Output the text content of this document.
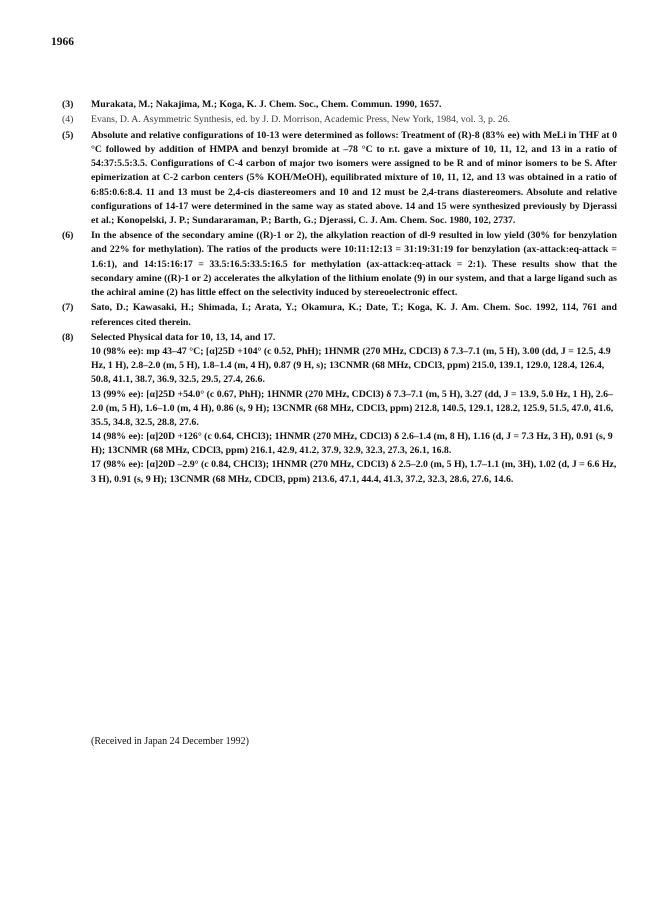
1966
(3)	Murakata, M.; Nakajima, M.; Koga, K. J. Chem. Soc., Chem. Commun. 1990, 1657.
(4)	Evans, D. A. Asymmetric Synthesis, ed. by J. D. Morrison, Academic Press, New York, 1984, vol. 3, p. 26.
(5)	Absolute and relative configurations of 10-13 were determined as follows: Treatment of (R)-8 (83% ee) with MeLi in THF at 0 °C followed by addition of HMPA and benzyl bromide at –78 °C to r.t. gave a mixture of 10, 11, 12, and 13 in a ratio of 54:37:5.5:3.5. Configurations of C-4 carbon of major two isomers were assigned to be R and of minor isomers to be S. After epimerization at C-2 carbon centers (5% KOH/MeOH), equilibrated mixture of 10, 11, 12, and 13 was obtained in a ratio of 6:85:0.6:8.4. 11 and 13 must be 2,4-cis diastereomers and 10 and 12 must be 2,4-trans diastereomers. Absolute and relative configurations of 14-17 were determined in the same way as stated above. 14 and 15 were synthesized previously by Djerassi et al.; Konopelski, J. P.; Sundararaman, P.; Barth, G.; Djerassi, C. J. Am. Chem. Soc. 1980, 102, 2737.
(6)	In the absence of the secondary amine ((R)-1 or 2), the alkylation reaction of dl-9 resulted in low yield (30% for benzylation and 22% for methylation). The ratios of the products were 10:11:12:13 = 31:19:31:19 for benzylation (ax-attack:eq-attack = 1.6:1), and 14:15:16:17 = 33.5:16.5:33.5:16.5 for methylation (ax-attack:eq-attack = 2:1). These results show that the secondary amine ((R)-1 or 2) accelerates the alkylation of the lithium enolate (9) in our system, and that a large ligand such as the achiral amine (2) has little effect on the selectivity induced by stereoelectronic effect.
(7)	Sato, D.; Kawasaki, H.; Shimada, I.; Arata, Y.; Okamura, K.; Date, T.; Koga, K. J. Am. Chem. Soc. 1992, 114, 761 and references cited therein.
(8)	Selected Physical data for 10, 13, 14, and 17.
10 (98% ee): mp 43–47 °C; [α]25D +104° (c 0.52, PhH); 1HNMR (270 MHz, CDCl3) δ 7.3–7.1 (m, 5 H), 3.00 (dd, J = 12.5, 4.9 Hz, 1 H), 2.8–2.0 (m, 5 H), 1.8–1.4 (m, 4 H), 0.87 (9 H, s); 13CNMR (68 MHz, CDCl3, ppm) 215.0, 139.1, 129.0, 128.4, 126.4, 50.8, 41.1, 38.7, 36.9, 32.5, 29.5, 27.4, 26.6.
13 (99% ee): [α]25D +54.0° (c 0.67, PhH); 1HNMR (270 MHz, CDCl3) δ 7.3–7.1 (m, 5 H), 3.27 (dd, J = 13.9, 5.0 Hz, 1 H), 2.6–2.0 (m, 5 H), 1.6–1.0 (m, 4 H), 0.86 (s, 9 H); 13CNMR (68 MHz, CDCl3, ppm) 212.8, 140.5, 129.1, 128.2, 125.9, 51.5, 47.0, 41.6, 35.5, 34.8, 32.5, 28.8, 27.6.
14 (98% ee): [α]20D +126° (c 0.64, CHCl3); 1HNMR (270 MHz, CDCl3) δ 2.6–1.4 (m, 8 H), 1.16 (d, J = 7.3 Hz, 3 H), 0.91 (s, 9 H); 13CNMR (68 MHz, CDCl3, ppm) 216.1, 42.9, 41.2, 37.9, 32.9, 32.3, 27.3, 26.1, 16.8.
17 (98% ee): [α]20D –2.9° (c 0.84, CHCl3); 1HNMR (270 MHz, CDCl3) δ 2.5–2.0 (m, 5 H), 1.7–1.1 (m, 3H), 1.02 (d, J = 6.6 Hz, 3 H), 0.91 (s, 9 H); 13CNMR (68 MHz, CDCl3, ppm) 213.6, 47.1, 44.4, 41.3, 37.2, 32.3, 28.6, 27.6, 14.6.
(Received in Japan 24 December 1992)
